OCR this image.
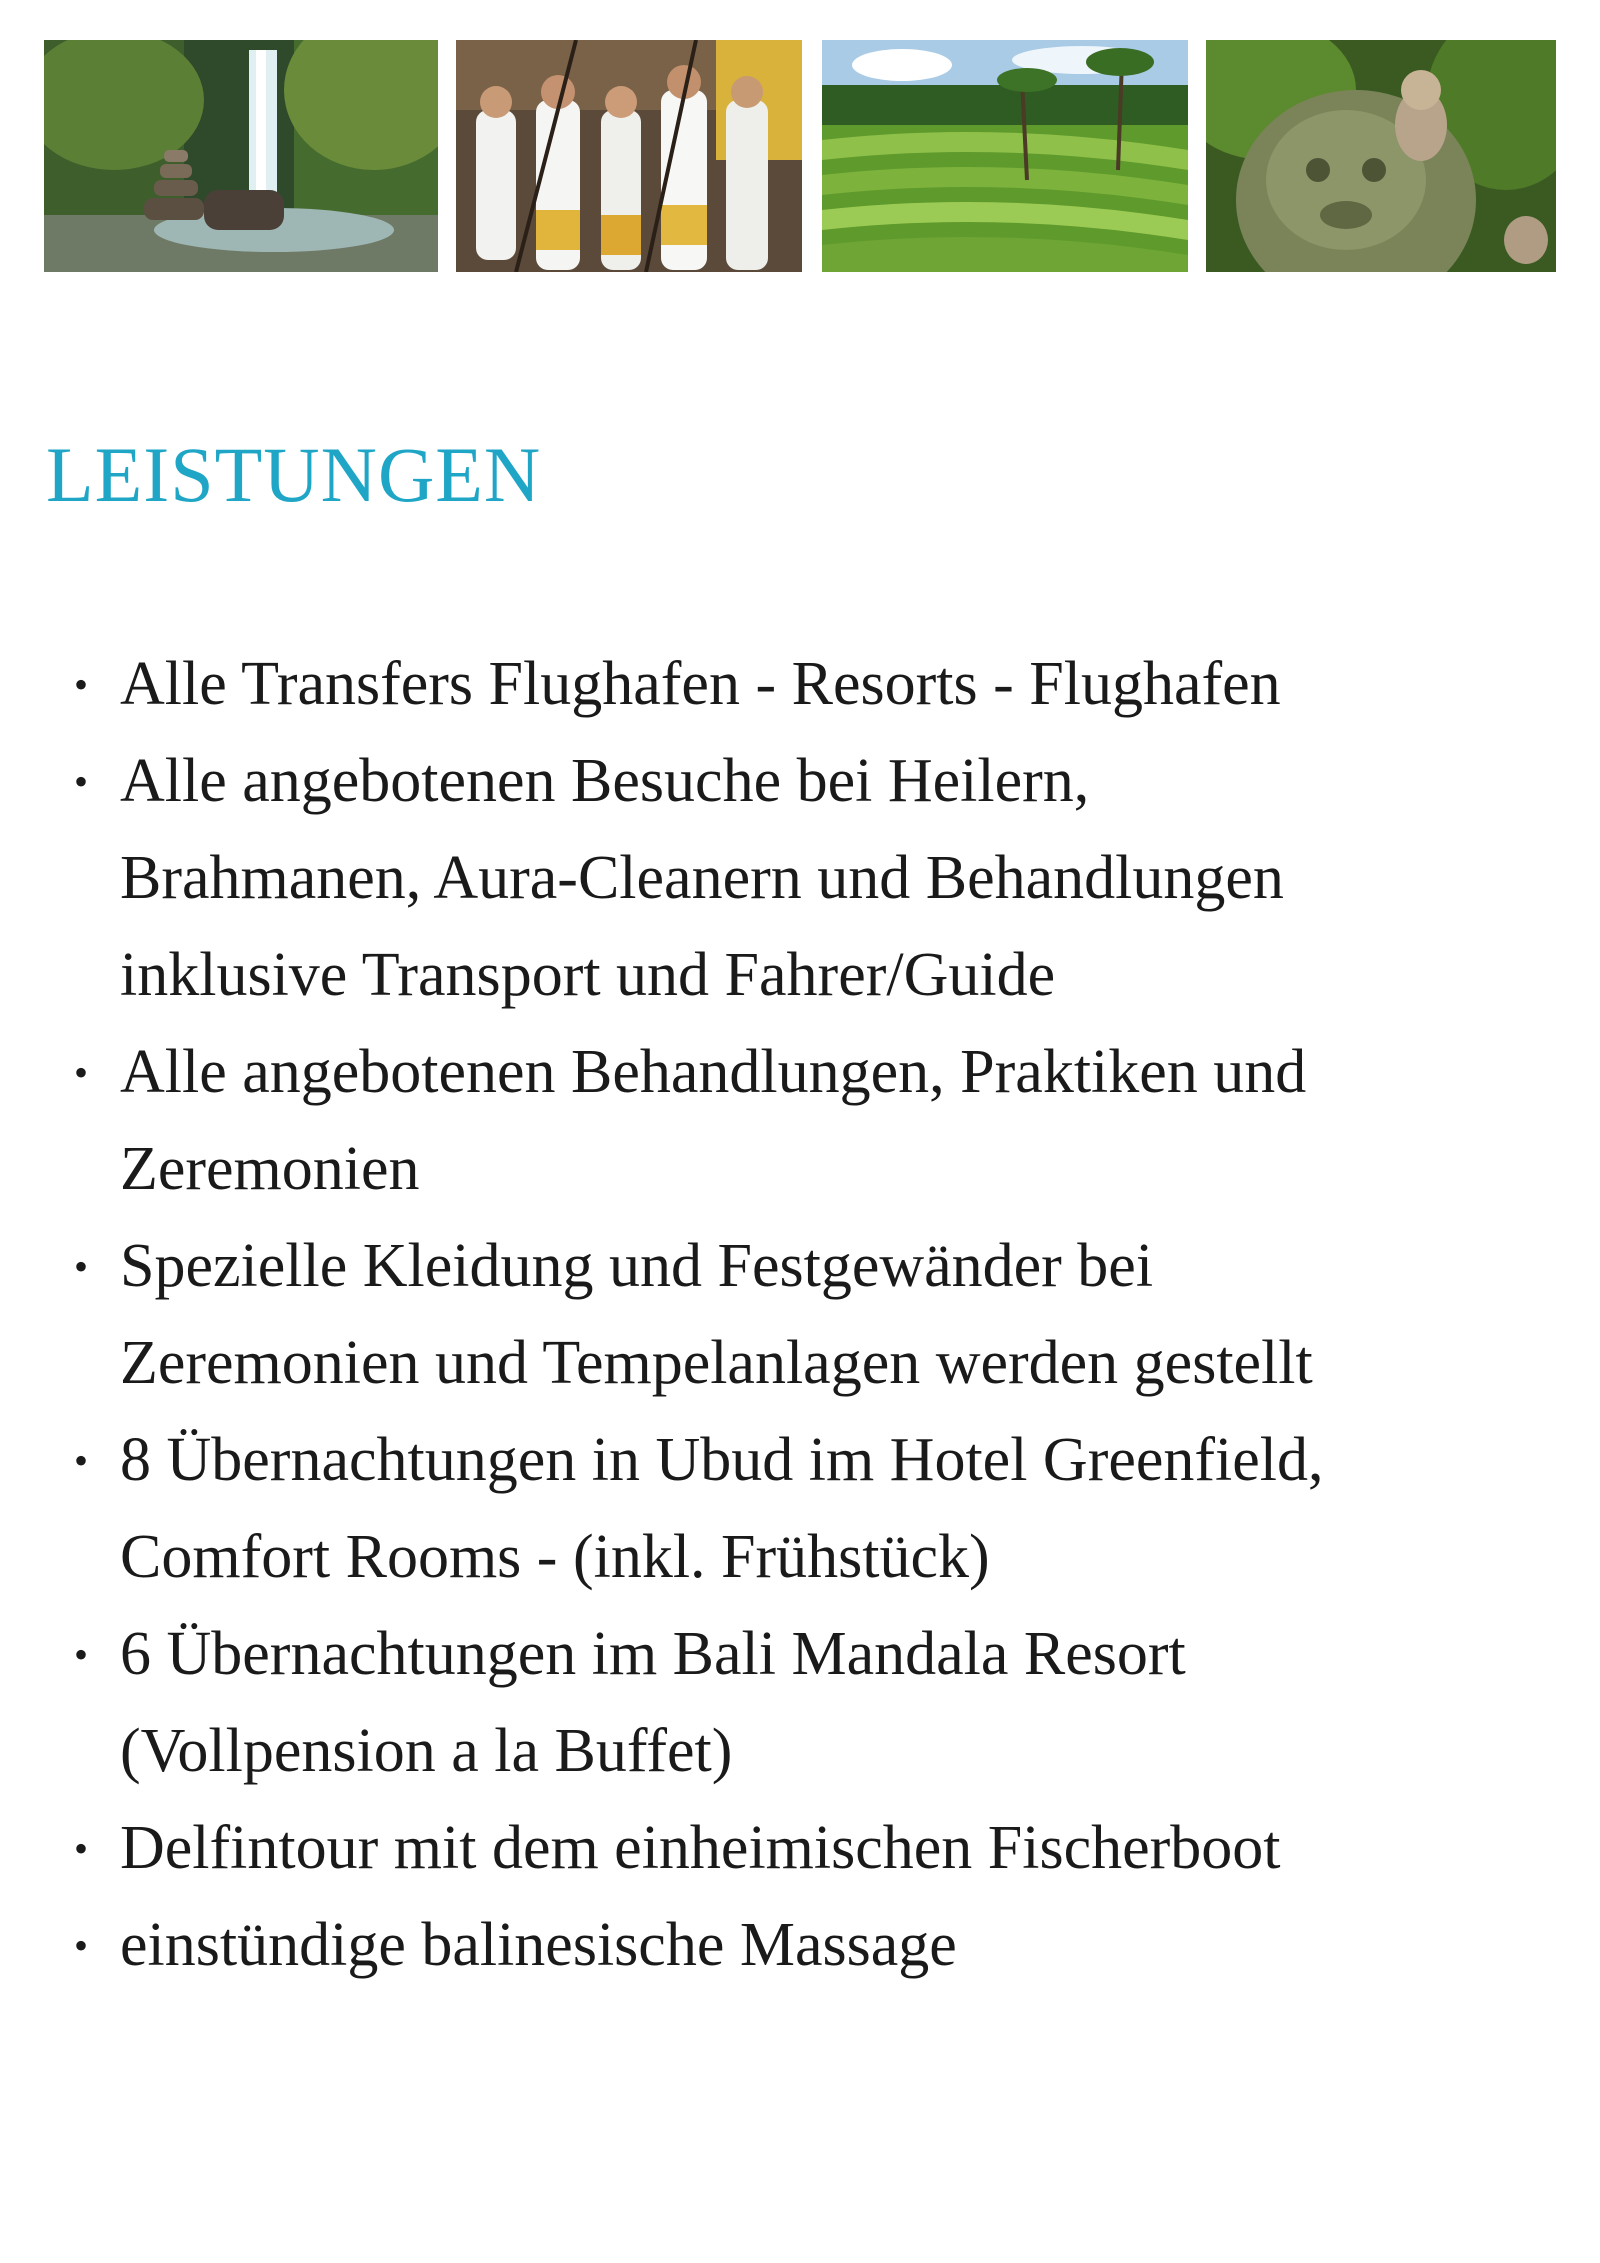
LEISTUNGEN
• Alle Transfers Flughafen - Resorts - Flughafen
• Alle angebotenen Besuche bei Heilern,
Brahmanen, Aura-Cleanern und Behandlungen
inklusive Transport und Fahrer/Guide
• Alle angebotenen Behandlungen, Praktiken und
Zeremonien
• Spezielle Kleidung und Festgewänder bei
Zeremonien und Tempelanlagen werden gestellt
• 8 Übernachtungen in Ubud im Hotel Greenfield,
Comfort Rooms - (inkl. Frühstück)
• 6 Übernachtungen im Bali Mandala Resort
(Vollpension a la Buffet)
• Delfintour mit dem einheimischen Fischerboot
• einstündige balinesische Massage
